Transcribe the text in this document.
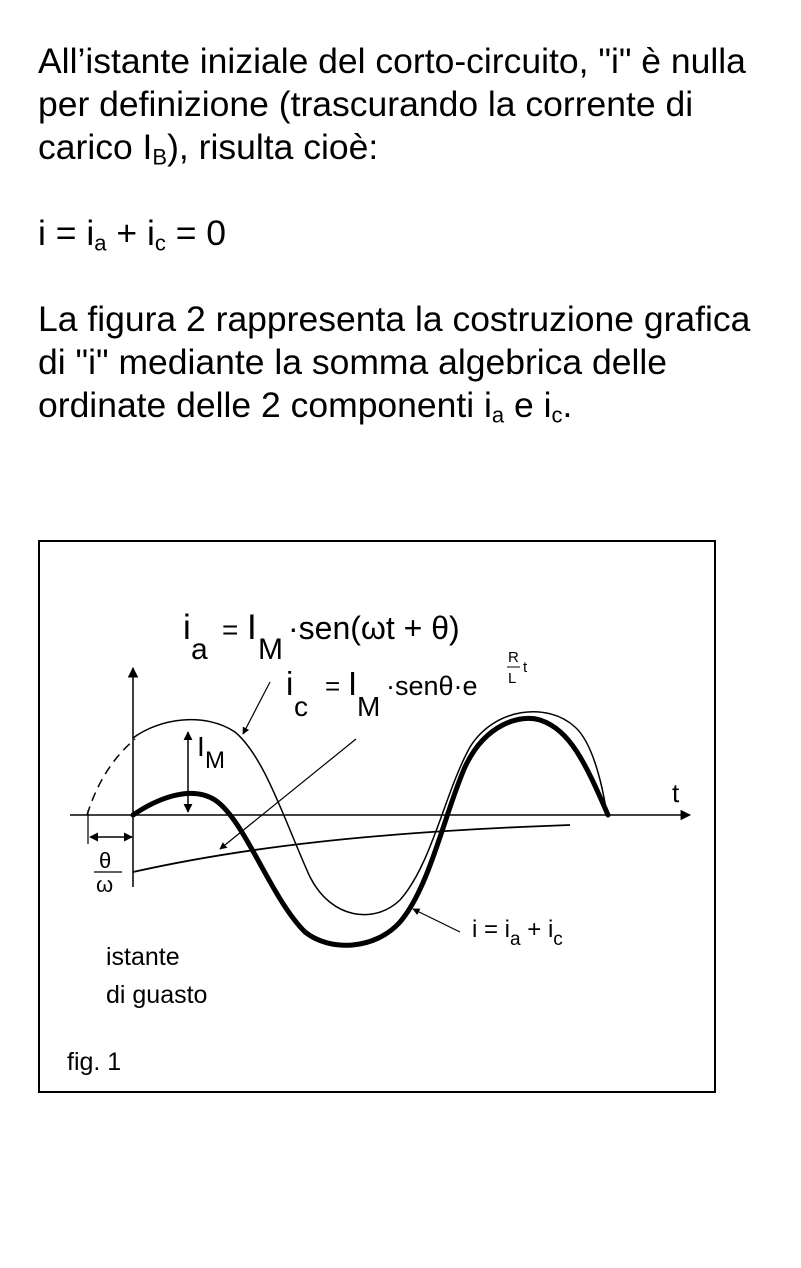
All’istante iniziale del corto-circuito, "i" è nulla per definizione (trascurando la corrente di carico $I_B$), risulta cioè:

$i = i_a + i_c = 0$

La figura 2 rappresenta la costruzione grafica di "i" mediante la somma algebrica delle ordinate delle 2 componenti $i_a$ e $i_c$.

ia= IM·sen(ωt + θ)
ic= IM·senθ·e
R
L
t
IM
t
θ
ω
$i = i_a + i_c$
istante
di guasto
fig. 1
